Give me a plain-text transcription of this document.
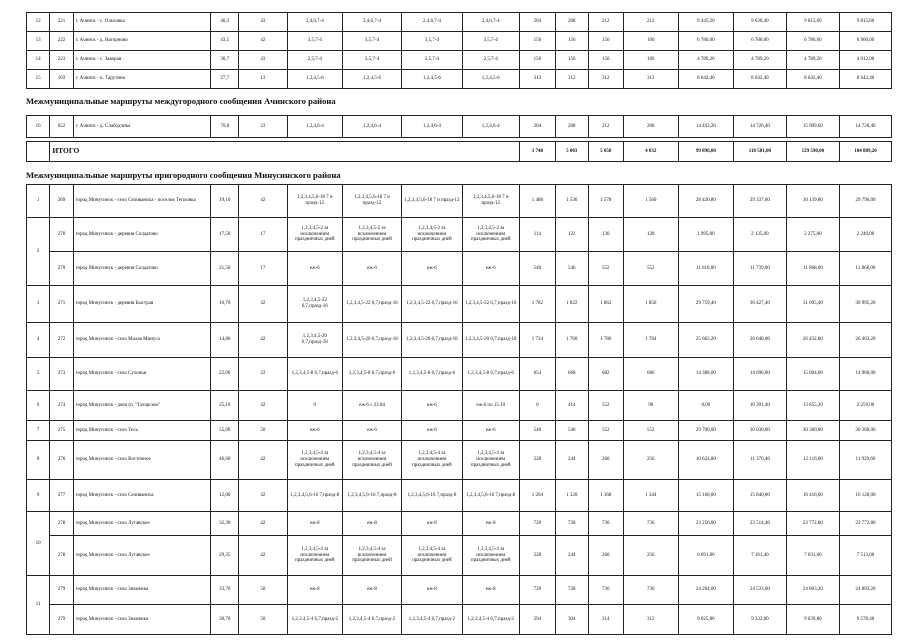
12	221	г. Ачинск - с. Ольховка	46,3	43	2,4,6,7-4	2,4,6,7-4	2,4,6,7-4	2,4,6,7-4	204	208	212	212	9 445,20	9 630,40	9 815,60	9 815,60
13	222	г. Ачинск - д. Нагорново	43,5	42	3,5,7-4	3,5,7-4	3,5,7-4	3,5,7-4	156	156	156	160	6 786,00	6 786,00	6 786,00	6 960,00
14	223	г. Ачинск - с. Заворая	30,7	43	2,5,7-4	2,5,7-4	2,5,7-4	2,5,7-4	156	156	156	160	4 789,20	4 789,20	4 789,20	4 912,00
15	103	г. Ачинск - п. Тарутино	27,7	13	1,2,4,5-6	1,2,4,5-6	1,2,4,5-6	1,2,4,5-6	312	312	312	312	8 642,40	8 642,40	8 642,40	8 642,40
Межмуниципальные маршруты междугородного сообщения Ачинского района
16	652	г. Ачинск - д. Слабодчика	70,8	23	1,2,4,6-4	1,2,4,6-4	1,2,4,6-4	1,2,4,6-4	204	208	212	208	14 443,20	14 726,40	15 009,60	14 726,40
	ИТОГО	3 748	5 003	5 658	4 032	99 896,00	118 581,00	129 590,00	104 889,20
Межмуниципальные маршруты пригородного сообщения Минусинского района
1	269	город Минусинск - село Селиваниха - поселок Тепловка	19,10	42	1,2,3,4,5,6-18 7 и празд-12	1,2,3,4,5,6-18 7 и празд-12	1,2,3,4,5,6-18 7 и празд-12	1,2,3,4,5,6-18 7 и празд-12	1 488	1 536	1 578	1 560	28 420,80	29 337,60	30 139,80	29 796,00
2	270	город Минусинск - деревня Солдатово	17,50	17	1,2,3,4,5-2 за исключением праздничных дней	1,2,3,4,5-2 за исключением праздничных дней	1,2,3,4,5-2 за исключением праздничных дней	1,2,3,4,5-2 за исключением праздничных дней	114	122	130	128	1 995,00	2 135,00	2 275,00	2 240,00
	270	город Минусинск - деревня Солдатово	21,50	17	еж-6	еж-6	еж-6	еж-6	540	546	552	552	11 610,00	11 739,00	11 868,00	11 868,00
3	271	город Минусинск - деревня Быстрая	16,70	42	1,2,3,4,5-22 6,7,празд-16	1,2,3,4,5-22 6,7,празд-16	1,2,3,4,5-22 6,7,празд-16	1,2,3,4,5-22 6,7,празд-16	1 782	1 822	1 862	1 856	29 759,40	30 427,40	31 095,40	30 995,20
4	272	город Минусинск - село Малая Минуса	14,80	42	1,2,3,4,5-20 6,7,празд-18	1,2,3,4,5-20 6,7,празд-18	1,2,3,4,5-20 6,7,празд-18	1,2,3,4,5-20 6,7,празд-18	1 734	1 760	1 786	1 784	25 663,20	26 048,00	26 432,80	26 403,20
5	273	город Минусинск - село Сухоньи	22,00	22	1,2,3,4,5-8 6,7,празд-6	1,2,3,4,5-8 6,7,празд-6	1,2,3,4,5-8 6,7,празд-6	1,2,3,4,5-8 6,7,празд-6	654	668	682	680	14 388,00	14 696,00	15 004,00	14 960,00
6	274	город Минусинск - дачи (п. "Татарское"	25,10	42	0	еж-6 с 23.04	еж-6	еж-6 по 15.10	0	414	552	90	0,00	10 391,40	13 855,20	2 259,00
7	275	город Минусинск - село Тесь	55,00	50	еж-6	еж-6	еж-6	еж-6	540	546	552	552	29 700,00	30 030,00	30 360,00	30 360,00
8	276	город Минусинск - село Восточное	46,60	42	1,2,3,4,5-4 за исключением праздничных дней	1,2,3,4,5-4 за исключением праздничных дней	1,2,3,4,5-4 за исключением праздничных дней	1,2,3,4,5-4 за исключением праздничных дней	228	244	260	256	10 624,80	11 370,40	12 116,00	11 929,60
9	277	город Минусинск - село Селиваниха	12,00	42	1,2,3,4,5,6-16 7,празд-8	1,2,3,4,5,6-16 7,празд-8	1,2,3,4,5,6-16 7,празд-8	1,2,3,4,5,6-16 7,празд-8	1 264	1 320	1 368	1 344	15 168,00	15 840,00	16 416,00	16 128,00
10	278	город Минусинск - село Лугавское	32,30	42	еж-8	еж-8	еж-8	еж-8	720	728	736	736	23 256,00	23 514,40	23 772,80	23 772,80
	278	город Минусинск - село Лугавское	29,35	42	1,2,3,4,5-4 за исключением праздничных дней	1,2,3,4,5-4 за исключением праздничных дней	1,2,3,4,5-4 за исключением праздничных дней	1,3,3,4,5-4 за исключением праздничных дней	228	244	260	256	6 691,80	7 161,40	7 631,00	7 513,60
11	279	город Минусинск - село Знаменка	33,70	50	еж-8	еж-8	еж-8	еж-8	720	728	736	736	24 264,00	24 533,60	24 803,20	24 803,20
	279	город Минусинск - село Знаменка	30,70	50	1,2,3,4,5-4 6,7,празд-2	1,2,3,4,5-4 6,7,празд-2	1,2,3,4,5-4 6,7,празд-2	1,2,3,4,5-4 6,7,празд-2	294	304	314	312	9 025,80	9 332,80	9 639,80	9 578,40
